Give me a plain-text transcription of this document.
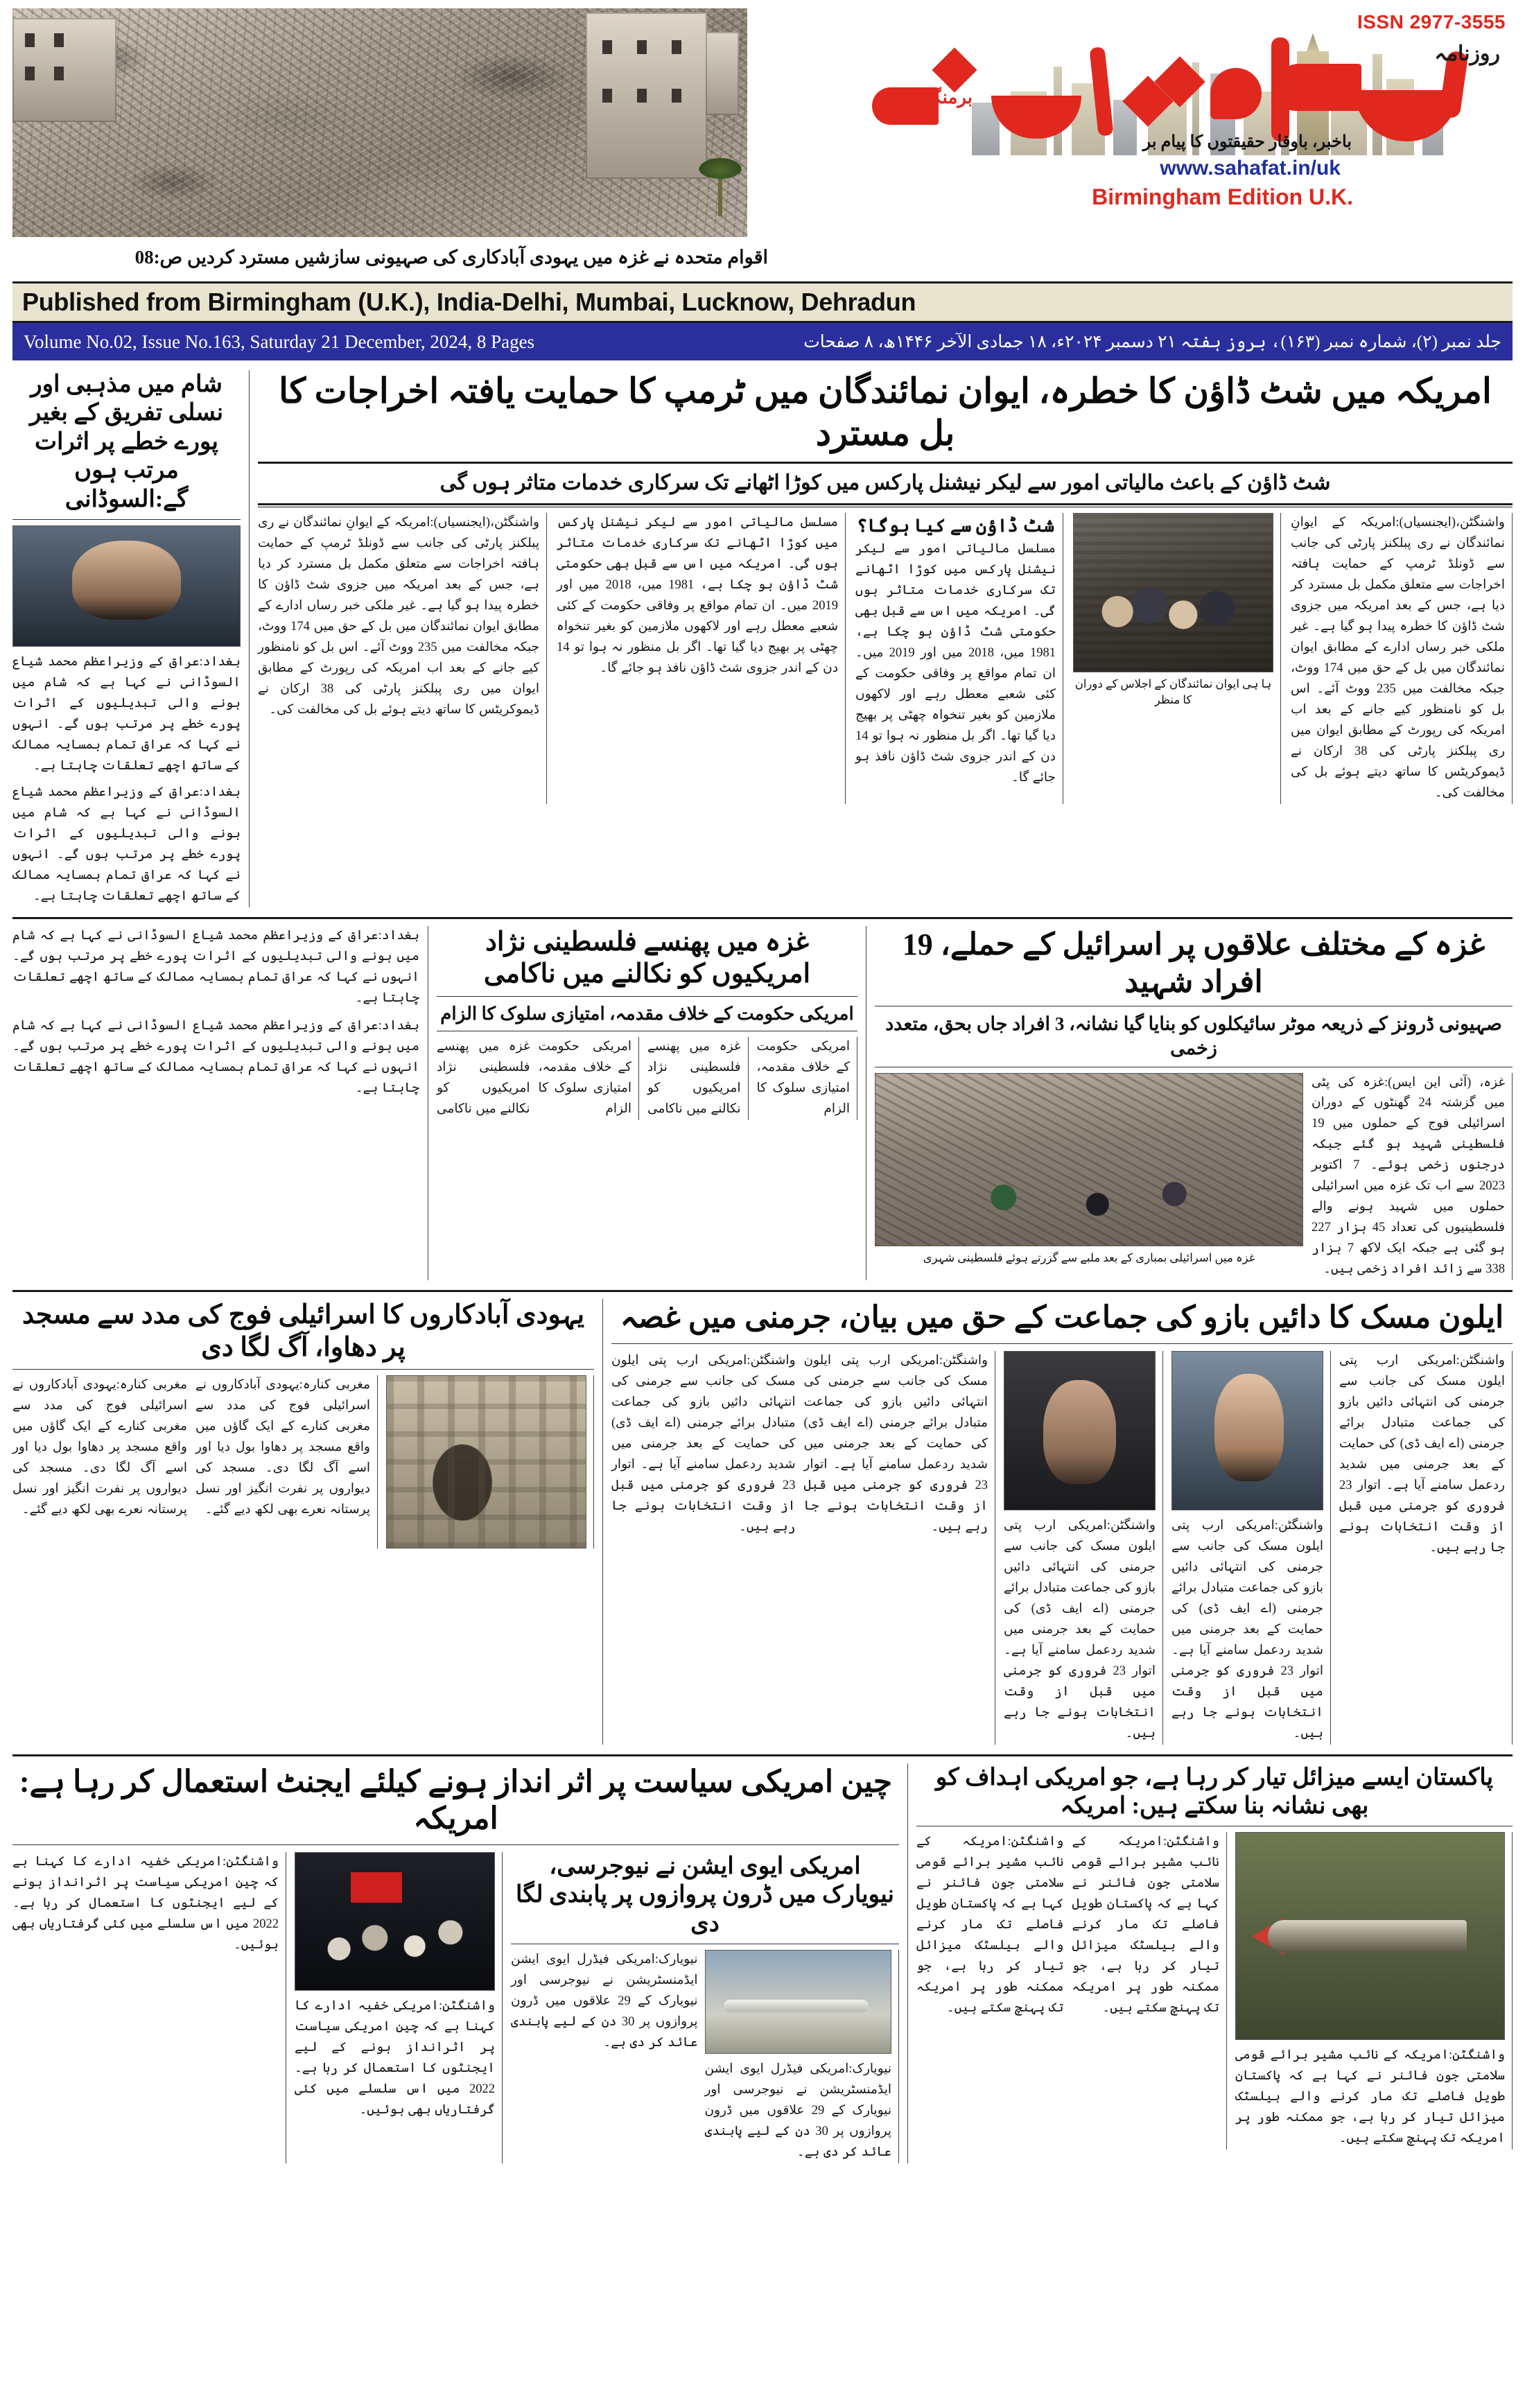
اقوام متحدہ نے غزہ میں یہودی آبادکاری کی صہیونی سازشیں مسترد کردیں ص:08
ISSN 2977-3555
روزنامہ
برمنگھم
باخبر، باوقار حقیقتوں کا پیام بر
www.sahafat.in/uk
Birmingham Edition U.K.
Published from Birmingham (U.K.), India-Delhi, Mumbai, Lucknow, Dehradun
Volume No.02, Issue No.163, Saturday 21 December, 2024, 8 Pages	جلد نمبر (۲)، شمارہ نمبر (۱۶۳)، بروز ہفتہ ۲۱ دسمبر ۲۰۲۴ء، ۱۸ جمادی الآخر ۱۴۴۶ھ، ۸ صفحات
امریکہ میں شٹ ڈاؤن کا خطرہ، ایوان نمائندگان میں ٹرمپ کا حمایت یافتہ اخراجات کا بل مسترد
شٹ ڈاؤن کے باعث مالیاتی امور سے لیکر نیشنل پارکس میں کوڑا اٹھانے تک سرکاری خدمات متاثر ہوں گی
واشنگٹن،(ایجنسیاں):امریکہ کے ایوانِ نمائندگان نے ری پبلکنز پارٹی کی جانب سے ڈونلڈ ٹرمپ کے حمایت ہافتہ اخراجات سے متعلق مکمل بل مسترد کر دیا ہے، جس کے بعد امریکہ میں جزوی شٹ ڈاؤن کا خطرہ پیدا ہو گیا ہے۔ غیر ملکی خبر رساں ادارے کے مطابق ایوان نمائندگان میں بل کے حق میں 174 ووٹ، جبکہ مخالفت میں 235 ووٹ آئے۔ اس بل کو نامنظور کیے جانے کے بعد اب امریکہ کی رپورٹ کے مطابق ایوان میں ری پبلکنز پارٹی کی 38 ارکان نے ڈیموکریٹس کا ساتھ دیتے ہوئے بل کی مخالفت کی۔
ہا ہی ایوان نمائندگان کے اجلاس کے دوران کا منظر
شٹ ڈاؤن سے کیا ہوگا؟
مسلسل مالیاتی امور سے لیکر نیشنل پارکس میں کوڑا اٹھانے تک سرکاری خدمات متاثر ہوں گی۔ امریکہ میں اس سے قبل بھی حکومتی شٹ ڈاؤن ہو چکا ہے، 1981 میں، 2018 میں اور 2019 میں۔ ان تمام مواقع پر وفاقی حکومت کے کئی شعبے معطل رہے اور لاکھوں ملازمین کو بغیر تنخواہ چھٹی پر بھیج دیا گیا تھا۔ اگر بل منظور نہ ہوا تو 14 دن کے اندر جزوی شٹ ڈاؤن نافذ ہو جائے گا۔
مسلسل مالیاتی امور سے لیکر نیشنل پارکس میں کوڑا اٹھانے تک سرکاری خدمات متاثر ہوں گی۔ امریکہ میں اس سے قبل بھی حکومتی شٹ ڈاؤن ہو چکا ہے، 1981 میں، 2018 میں اور 2019 میں۔ ان تمام مواقع پر وفاقی حکومت کے کئی شعبے معطل رہے اور لاکھوں ملازمین کو بغیر تنخواہ چھٹی پر بھیج دیا گیا تھا۔ اگر بل منظور نہ ہوا تو 14 دن کے اندر جزوی شٹ ڈاؤن نافذ ہو جائے گا۔
واشنگٹن،(ایجنسیاں):امریکہ کے ایوانِ نمائندگان نے ری پبلکنز پارٹی کی جانب سے ڈونلڈ ٹرمپ کے حمایت ہافتہ اخراجات سے متعلق مکمل بل مسترد کر دیا ہے، جس کے بعد امریکہ میں جزوی شٹ ڈاؤن کا خطرہ پیدا ہو گیا ہے۔ غیر ملکی خبر رساں ادارے کے مطابق ایوان نمائندگان میں بل کے حق میں 174 ووٹ، جبکہ مخالفت میں 235 ووٹ آئے۔ اس بل کو نامنظور کیے جانے کے بعد اب امریکہ کی رپورٹ کے مطابق ایوان میں ری پبلکنز پارٹی کی 38 ارکان نے ڈیموکریٹس کا ساتھ دیتے ہوئے بل کی مخالفت کی۔
شام میں مذہبی اور نسلی تفریق کے بغیر پورے خطے پر اثرات مرتب ہوں گے:السوڈانی
بغداد:عراق کے وزیراعظم محمد شیاع السوڈانی نے کہا ہے کہ شام میں ہونے والی تبدیلیوں کے اثرات پورے خطے پر مرتب ہوں گے۔ انہوں نے کہا کہ عراق تمام ہمسایہ ممالک کے ساتھ اچھے تعلقات چاہتا ہے۔
بغداد:عراق کے وزیراعظم محمد شیاع السوڈانی نے کہا ہے کہ شام میں ہونے والی تبدیلیوں کے اثرات پورے خطے پر مرتب ہوں گے۔ انہوں نے کہا کہ عراق تمام ہمسایہ ممالک کے ساتھ اچھے تعلقات چاہتا ہے۔
غزہ کے مختلف علاقوں پر اسرائیل کے حملے، 19 افراد شہید
صہیونی ڈرونز کے ذریعہ موٹر سائیکلوں کو بنایا گیا نشانہ، 3 افراد جاں بحق، متعدد زخمی
غزہ، (آئی این ایس):غزہ کی پٹی میں گزشتہ 24 گھنٹوں کے دوران اسرائیلی فوج کے حملوں میں 19 فلسطینی شہید ہو گئے جبکہ درجنوں زخمی ہوئے۔ 7 اکتوبر 2023 سے اب تک غزہ میں اسرائیلی حملوں میں شہید ہونے والے فلسطینیوں کی تعداد 45 ہزار 227 ہو گئی ہے جبکہ ایک لاکھ 7 ہزار 338 سے زائد افراد زخمی ہیں۔
غزہ میں اسرائیلی بمباری کے بعد ملبے سے گزرتے ہوئے فلسطینی شہری
غزہ میں پھنسے فلسطینی نژاد امریکیوں کو نکالنے میں ناکامی
امریکی حکومت کے خلاف مقدمہ، امتیازی سلوک کا الزام
امریکی حکومت کے خلاف مقدمہ، امتیازی سلوک کا الزام
غزہ میں پھنسے فلسطینی نژاد امریکیوں کو نکالنے میں ناکامی
امریکی حکومت کے خلاف مقدمہ، امتیازی سلوک کا الزام
غزہ میں پھنسے فلسطینی نژاد امریکیوں کو نکالنے میں ناکامی
بغداد:عراق کے وزیراعظم محمد شیاع السوڈانی نے کہا ہے کہ شام میں ہونے والی تبدیلیوں کے اثرات پورے خطے پر مرتب ہوں گے۔ انہوں نے کہا کہ عراق تمام ہمسایہ ممالک کے ساتھ اچھے تعلقات چاہتا ہے۔
بغداد:عراق کے وزیراعظم محمد شیاع السوڈانی نے کہا ہے کہ شام میں ہونے والی تبدیلیوں کے اثرات پورے خطے پر مرتب ہوں گے۔ انہوں نے کہا کہ عراق تمام ہمسایہ ممالک کے ساتھ اچھے تعلقات چاہتا ہے۔
ایلون مسک کا دائیں بازو کی جماعت کے حق میں بیان، جرمنی میں غصہ
واشنگٹن:امریکی ارب پتی ایلون مسک کی جانب سے جرمنی کی انتہائی دائیں بازو کی جماعت متبادل برائے جرمنی (اے ایف ڈی) کی حمایت کے بعد جرمنی میں شدید ردعمل سامنے آیا ہے۔ اتوار 23 فروری کو جرمنی میں قبل از وقت انتخابات ہونے جا رہے ہیں۔
واشنگٹن:امریکی ارب پتی ایلون مسک کی جانب سے جرمنی کی انتہائی دائیں بازو کی جماعت متبادل برائے جرمنی (اے ایف ڈی) کی حمایت کے بعد جرمنی میں شدید ردعمل سامنے آیا ہے۔ اتوار 23 فروری کو جرمنی میں قبل از وقت انتخابات ہونے جا رہے ہیں۔
واشنگٹن:امریکی ارب پتی ایلون مسک کی جانب سے جرمنی کی انتہائی دائیں بازو کی جماعت متبادل برائے جرمنی (اے ایف ڈی) کی حمایت کے بعد جرمنی میں شدید ردعمل سامنے آیا ہے۔ اتوار 23 فروری کو جرمنی میں قبل از وقت انتخابات ہونے جا رہے ہیں۔
واشنگٹن:امریکی ارب پتی ایلون مسک کی جانب سے جرمنی کی انتہائی دائیں بازو کی جماعت متبادل برائے جرمنی (اے ایف ڈی) کی حمایت کے بعد جرمنی میں شدید ردعمل سامنے آیا ہے۔ اتوار 23 فروری کو جرمنی میں قبل از وقت انتخابات ہونے جا رہے ہیں۔
واشنگٹن:امریکی ارب پتی ایلون مسک کی جانب سے جرمنی کی انتہائی دائیں بازو کی جماعت متبادل برائے جرمنی (اے ایف ڈی) کی حمایت کے بعد جرمنی میں شدید ردعمل سامنے آیا ہے۔ اتوار 23 فروری کو جرمنی میں قبل از وقت انتخابات ہونے جا رہے ہیں۔
یہودی آبادکاروں کا اسرائیلی فوج کی مدد سے مسجد پر دھاوا، آگ لگا دی
مغربی کنارہ:یہودی آبادکاروں نے اسرائیلی فوج کی مدد سے مغربی کنارے کے ایک گاؤں میں واقع مسجد پر دھاوا بول دیا اور اسے آگ لگا دی۔ مسجد کی دیواروں پر نفرت انگیز اور نسل پرستانہ نعرے بھی لکھ دیے گئے۔
مغربی کنارہ:یہودی آبادکاروں نے اسرائیلی فوج کی مدد سے مغربی کنارے کے ایک گاؤں میں واقع مسجد پر دھاوا بول دیا اور اسے آگ لگا دی۔ مسجد کی دیواروں پر نفرت انگیز اور نسل پرستانہ نعرے بھی لکھ دیے گئے۔
پاکستان ایسے میزائل تیار کر رہا ہے، جو امریکی اہداف کو بھی نشانہ بنا سکتے ہیں: امریکہ
واشنگٹن:امریکہ کے نائب مشیر برائے قومی سلامتی جون فائنر نے کہا ہے کہ پاکستان طویل فاصلے تک مار کرنے والے بیلسٹک میزائل تیار کر رہا ہے، جو ممکنہ طور پر امریکہ تک پہنچ سکتے ہیں۔
واشنگٹن:امریکہ کے نائب مشیر برائے قومی سلامتی جون فائنر نے کہا ہے کہ پاکستان طویل فاصلے تک مار کرنے والے بیلسٹک میزائل تیار کر رہا ہے، جو ممکنہ طور پر امریکہ تک پہنچ سکتے ہیں۔
واشنگٹن:امریکہ کے نائب مشیر برائے قومی سلامتی جون فائنر نے کہا ہے کہ پاکستان طویل فاصلے تک مار کرنے والے بیلسٹک میزائل تیار کر رہا ہے، جو ممکنہ طور پر امریکہ تک پہنچ سکتے ہیں۔
چین امریکی سیاست پر اثر انداز ہونے کیلئے ایجنٹ استعمال کر رہا ہے: امریکہ
امریکی ایوی ایشن نے نیوجرسی، نیویارک میں ڈرون پروازوں پر پابندی لگا دی
نیویارک:امریکی فیڈرل ایوی ایشن ایڈمنسٹریشن نے نیوجرسی اور نیویارک کے 29 علاقوں میں ڈرون پروازوں پر 30 دن کے لیے پابندی عائد کر دی ہے۔
نیویارک:امریکی فیڈرل ایوی ایشن ایڈمنسٹریشن نے نیوجرسی اور نیویارک کے 29 علاقوں میں ڈرون پروازوں پر 30 دن کے لیے پابندی عائد کر دی ہے۔
واشنگٹن:امریکی خفیہ ادارے کا کہنا ہے کہ چین امریکی سیاست پر اثرانداز ہونے کے لیے ایجنٹوں کا استعمال کر رہا ہے۔ 2022 میں اس سلسلے میں کئی گرفتاریاں بھی ہوئیں۔
واشنگٹن:امریکی خفیہ ادارے کا کہنا ہے کہ چین امریکی سیاست پر اثرانداز ہونے کے لیے ایجنٹوں کا استعمال کر رہا ہے۔ 2022 میں اس سلسلے میں کئی گرفتاریاں بھی ہوئیں۔
